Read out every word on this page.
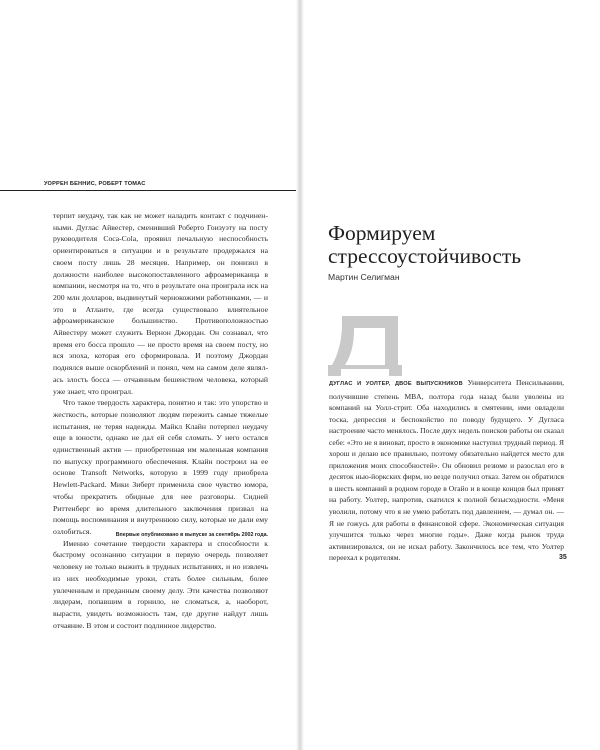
УОРРЕН БЕННИС, РОБЕРТ ТОМАС

терпит неудачу, так как не может наладить контакт с подчиненными. Дуглас Айвестер, сменивший Роберто Гоизуэту на посту руководителя Coca-Cola, проявил печальную неспособность ориентироваться в ситуации и в результате продержался на своем посту лишь 28 месяцев. Например, он понизил в должности наиболее высокопоставленного афроамериканца в компании, несмотря на то, что в результате она проиграла иск на 200 млн долларов, выдвинутый чернокожими работниками, — и это в Атланте, где всегда существовало влиятельное афроамериканское большинство. Противоположностью Айвестеру может служить Вернон Джордан. Он сознавал, что время его босса прошло — не просто время на своем посту, но вся эпоха, которая его сформировала. И поэтому Джордан поднялся выше оскорблений и понял, чем на самом деле являлась злость босса — отчаянным бешенством человека, который уже знает, что проиграл.

Что такое твердость характера, понятно и так: это упорство и жесткость, которые позволяют людям пережить самые тяжелые испытания, не теряя надежды. Майкл Клайн потерпел неудачу еще в юности, однако не дал ей себя сломать. У него остался единственный актив — приобретенная им маленькая компания по выпуску программного обеспечения. Клайн построил на ее основе Transoft Networks, которую в 1999 году приобрела Hewlett-Packard. Мики Зиберт применила свое чувство юмора, чтобы прекратить обидные для нее разговоры. Сидней Риттенберг во время длительного заключения призвал на помощь воспоминания и внутреннюю силу, которые не дали ему озлобиться.

Именно сочетание твердости характера и способности к быстрому осознанию ситуации в первую очередь позволяет человеку не только выжить в трудных испытаниях, и но извлечь из них необходимые уроки, стать более сильным, более увлеченным и преданным своему делу. Эти качества позволяют лидерам, попавшим в горнило, не сломаться, а, наоборот, вырасти, увидеть возможность там, где другие найдут лишь отчаяние. В этом и состоит подлинное лидерство.

Впервые опубликовано в выпуске за сентябрь 2002 года.
Формируем
стрессоустойчивость
Мартин Селигман
Д

ДУГЛАС И УОЛТЕР, ДВОЕ ВЫПУСКНИКОВ Университета Пенсильвании, получившие степень MBA, полтора года назад были уволены из компаний на Уолл-стрит. Оба находились в смятении, ими овладели тоска, депрессия и беспокойство по поводу будущего. У Дугласа настроение часто менялось. После двух недель поисков работы он сказал себе: «Это не я виноват, просто в экономике наступил трудный период. Я хорош и делаю все правильно, поэтому обязательно найдется место для приложения моих способностей». Он обновил резюме и разослал его в десяток нью-йоркских фирм, но везде получил отказ. Затем он обратился в шесть компаний в родном городе в Огайо и в конце концов был принят на работу. Уолтер, напротив, скатился к полной безысходности. «Меня уволили, потому что я не умею работать под давлением, — думал он. — Я не гожусь для работы в финансовой сфере. Экономическая ситуация улучшится только через многие годы». Даже когда рынок труда активизировался, он не искал работу. Закончилось все тем, что Уолтер переехал к родителям.	35
